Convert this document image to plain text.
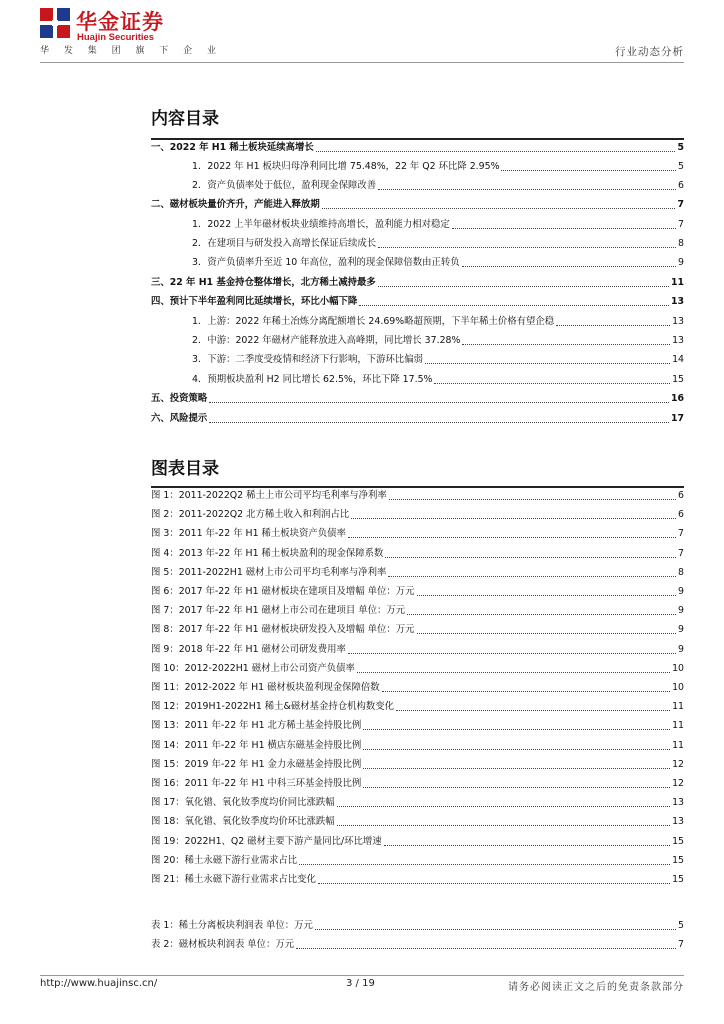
华金证券
Huajin Securities
华 发 集 团 旗 下 企 业	行业动态分析
内容目录
一、2022 年 H1 稀土板块延续高增长	5
1．2022 年 H1 板块归母净利同比增 75.48%，22 年 Q2 环比降 2.95%	5
2．资产负债率处于低位，盈利现金保障改善	6
二、磁材板块量价齐升，产能进入释放期	7
1．2022 上半年磁材板块业绩维持高增长，盈利能力相对稳定	7
2．在建项目与研发投入高增长保证后续成长	8
3．资产负债率升至近 10 年高位，盈利的现金保障倍数由正转负	9
三、22 年 H1 基金持仓整体增长，北方稀土减持最多	11
四、预计下半年盈利同比延续增长，环比小幅下降	13
1．上游：2022 年稀土冶炼分离配额增长 24.69%略超预期，下半年稀土价格有望企稳	13
2．中游：2022 年磁材产能释放进入高峰期，同比增长 37.28%	13
3．下游：二季度受疫情和经济下行影响，下游环比偏弱	14
4．预期板块盈利 H2 同比增长 62.5%，环比下降 17.5%	15
五、投资策略	16
六、风险提示	17
图表目录
图 1：2011-2022Q2 稀土上市公司平均毛利率与净利率	6
图 2：2011-2022Q2 北方稀土收入和利润占比	6
图 3：2011 年-22 年 H1 稀土板块资产负债率	7
图 4：2013 年-22 年 H1 稀土板块盈利的现金保障系数	7
图 5：2011-2022H1 磁材上市公司平均毛利率与净利率	8
图 6：2017 年-22 年 H1 磁材板块在建项目及增幅 单位：万元	9
图 7：2017 年-22 年 H1 磁材上市公司在建项目 单位：万元	9
图 8：2017 年-22 年 H1 磁材板块研发投入及增幅 单位：万元	9
图 9：2018 年-22 年 H1 磁材公司研发费用率	9
图 10：2012-2022H1 磁材上市公司资产负债率	10
图 11：2012-2022 年 H1 磁材板块盈利现金保障倍数	10
图 12：2019H1-2022H1 稀土&磁材基金持仓机构数变化	11
图 13：2011 年-22 年 H1 北方稀土基金持股比例	11
图 14：2011 年-22 年 H1 横店东磁基金持股比例	11
图 15：2019 年-22 年 H1 金力永磁基金持股比例	12
图 16：2011 年-22 年 H1 中科三环基金持股比例	12
图 17：氧化镨、氧化钕季度均价同比涨跌幅	13
图 18：氧化镨、氧化钕季度均价环比涨跌幅	13
图 19：2022H1、Q2 磁材主要下游产量同比/环比增速	15
图 20：稀土永磁下游行业需求占比	15
图 21：稀土永磁下游行业需求占比变化	15
表 1：稀土分离板块利润表 单位：万元	5
表 2：磁材板块利润表 单位：万元	7
http://www.huajinsc.cn/	3 / 19	请务必阅读正文之后的免责条款部分
